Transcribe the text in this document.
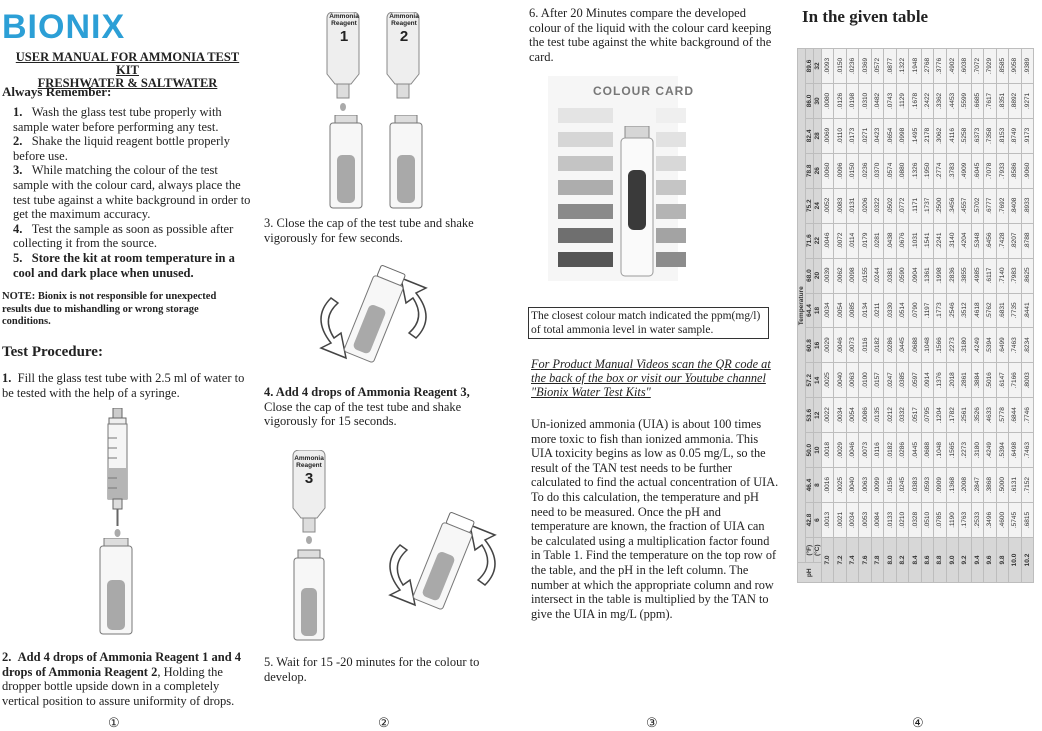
BIONIX
USER MANUAL FOR AMMONIA TEST KIT
FRESHWATER & SALTWATER
Always Remember:

1. Wash the glass test tube properly with sample water before performing any test.

2. Shake the liquid reagent bottle properly before use.

3. While matching the colour of the test sample with the colour card, always place the test tube against a white background in order to get the maximum accuracy.

4. Test the sample as soon as possible after collecting it from the source.

5. Store the kit at room temperature in a cool and dark place when unused.

NOTE: Bionix is not responsible for unexpected results due to mishandling or wrong storage conditions.
Test Procedure:
1. Fill the glass test tube with 2.5 ml of water to be tested with the help of a syringe.
2. Add 4 drops of Ammonia Reagent 1 and 4 drops of Ammonia Reagent 2, Holding the dropper bottle upside down in a completely vertical position to assure uniformity of drops.
①
Ammonia Reagent
1
Ammonia Reagent
2
3. Close the cap of the test tube and shake vigorously for few seconds.
4. Add 4 drops of Ammonia Reagent 3,
Close the cap of the test tube and shake vigorously for 15 seconds.
Ammonia Reagent
3
5. Wait for 15 -20 minutes for the colour to develop.
②
6. After 20 Minutes compare the developed colour of the liquid with the colour card keeping the test tube against the white background of the card.
COLOUR CARD
The closest colour match indicated the ppm(mg/l) of total ammonia level in water sample.
For Product Manual Videos scan the QR code at the back of the box or visit our Youtube channel "Bionix Water Test Kits"
Un-ionized ammonia (UIA) is about 100 times more toxic to fish than ionized ammonia. This UIA toxicity begins as low as 0.05 mg/L, so the result of the TAN test needs to be further calculated to find the actual concentration of UIA. To do this calculation, the temperature and pH need to be measured. Once the pH and temperature are known, the fraction of UIA can be calculated using a multiplication factor found in Table 1. Find the temperature on the top row of the table, and the pH in the left column. The number at which the appropriate column and row intersect in the table is multiplied by the TAN to give the UIA in mg/L (ppm).
③
In the given table
pH	Temperature														
	(°F)	42.8	46.4	50.0	53.6	57.2	60.8	64.4	68.0	71.6	75.2	78.8	82.4	86.0	89.6
	(°C)	6	8	10	12	14	16	18	20	22	24	26	28	30	32
7.0		.0013	.0016	.0018	.0022	.0025	.0029	.0034	.0039	.0046	.0052	.0060	.0069	.0080	.0093
7.2		.0021	.0025	.0029	.0034	.0040	.0046	.0054	.0062	.0072	.0083	.0096	.0110	.0126	.0150
7.4		.0034	.0040	.0046	.0054	.0063	.0073	.0085	.0098	.0114	.0131	.0150	.0173	.0198	.0236
7.6		.0053	.0063	.0073	.0086	.0100	.0116	.0134	.0155	.0179	.0206	.0236	.0271	.0310	.0369
7.8		.0084	.0099	.0116	.0135	.0157	.0182	.0211	.0244	.0281	.0322	.0370	.0423	.0482	.0572
8.0		.0133	.0156	.0182	.0212	.0247	.0286	.0330	.0381	.0438	.0502	.0574	.0654	.0743	.0877
8.2		.0210	.0245	.0286	.0332	.0385	.0445	.0514	.0590	.0676	.0772	.0880	.0998	.1129	.1322
8.4		.0328	.0383	.0445	.0517	.0597	.0688	.0790	.0904	.1031	.1171	.1326	.1495	.1678	.1948
8.6		.0510	.0593	.0688	.0795	.0914	.1048	.1197	.1361	.1541	.1737	.1950	.2178	.2422	.2768
8.8		.0785	.0909	.1048	.1204	.1376	.1566	.1773	.1998	.2241	.2500	.2774	.3062	.3362	.3776
9.0		.1190	.1368	.1565	.1782	.2018	.2273	.2546	.2836	.3140	.3456	.3783	.4116	.4453	.4902
9.2		.1763	.2008	.2273	.2561	.2861	.3180	.3512	.3855	.4204	.4557	.4909	.5258	.5599	.6038
9.4		.2533	.2847	.3180	.3526	.3884	.4249	.4618	.4985	.5348	.5702	.6045	.6373	.6685	.7072
9.6		.3496	.3868	.4249	.4633	.5016	.5394	.5762	.6117	.6456	.6777	.7078	.7358	.7617	.7929
9.8		.4600	.5000	.5394	.5778	.6147	.6499	.6831	.7140	.7428	.7692	.7933	.8153	.8351	.8585
10.0		.5745	.6131	.6498	.6844	.7166	.7463	.7735	.7983	.8207	.8408	.8586	.8749	.8892	.9058
10.2		.6815	.7152	.7463	.7746	.8003	.8234	.8441	.8625	.8788	.8933	.9060	.9173	.9271	.9389
④
